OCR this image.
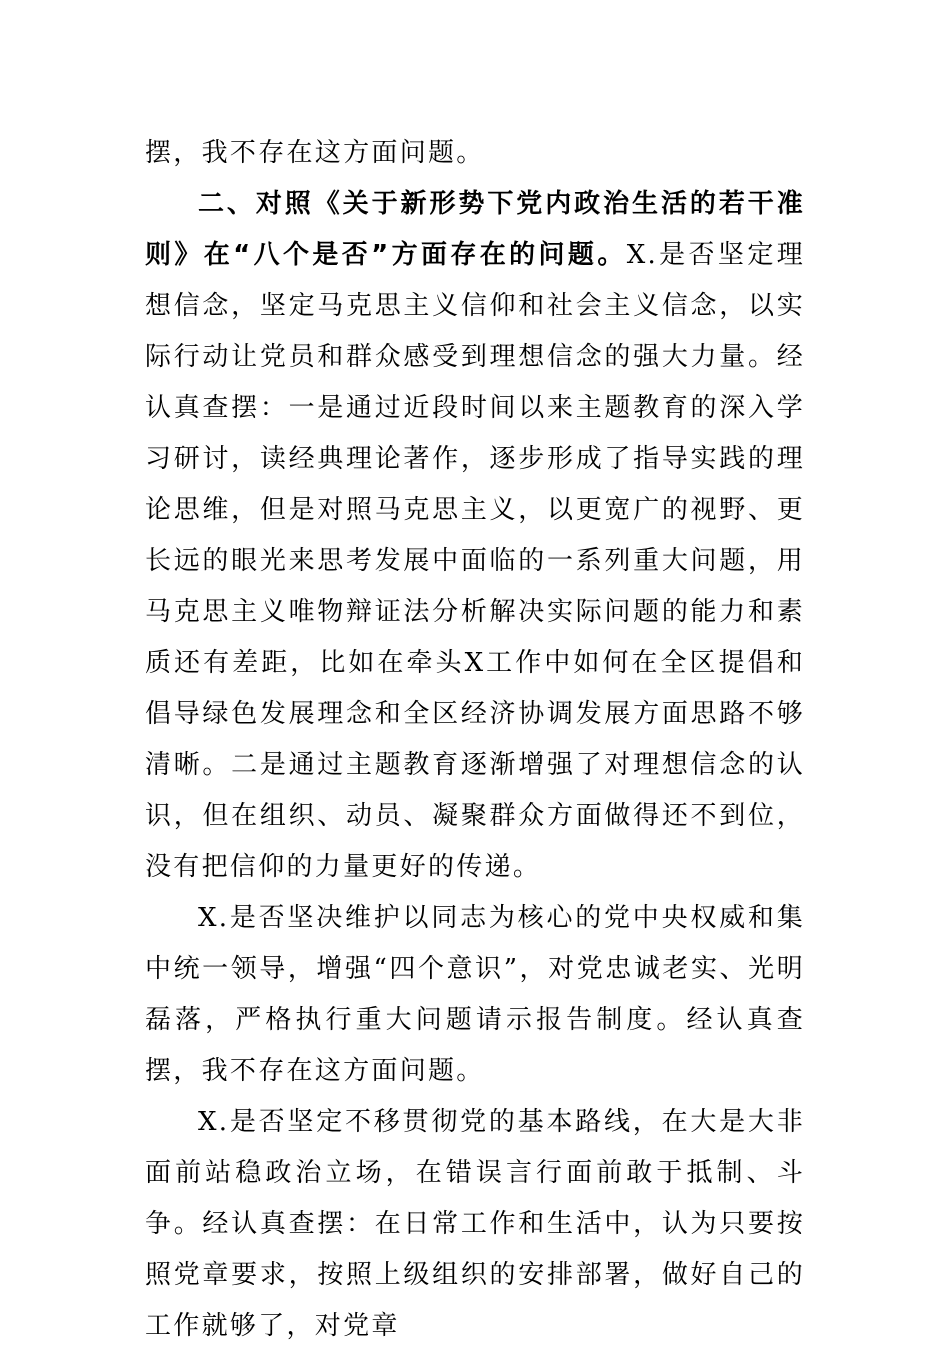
摆，我不存在这方面问题。

二、对照《关于新形势下党内政治生活的若干准则》在“八个是否”方面存在的问题。X.是否坚定理想信念，坚定马克思主义信仰和社会主义信念，以实际行动让党员和群众感受到理想信念的强大力量。经认真查摆：一是通过近段时间以来主题教育的深入学习研讨，读经典理论著作，逐步形成了指导实践的理论思维，但是对照马克思主义，以更宽广的视野、更长远的眼光来思考发展中面临的一系列重大问题，用马克思主义唯物辩证法分析解决实际问题的能力和素质还有差距，比如在牵头X工作中如何在全区提倡和倡导绿色发展理念和全区经济协调发展方面思路不够清晰。二是通过主题教育逐渐增强了对理想信念的认识，但在组织、动员、凝聚群众方面做得还不到位，没有把信仰的力量更好的传递。

X.是否坚决维护以同志为核心的党中央权威和集中统一领导，增强“四个意识”，对党忠诚老实、光明磊落，严格执行重大问题请示报告制度。经认真查摆，我不存在这方面问题。

X.是否坚定不移贯彻党的基本路线，在大是大非面前站稳政治立场，在错误言行面前敢于抵制、斗争。经认真查摆：在日常工作和生活中，认为只要按照党章要求，按照上级组织的安排部署，做好自己的工作就够了，对党章
